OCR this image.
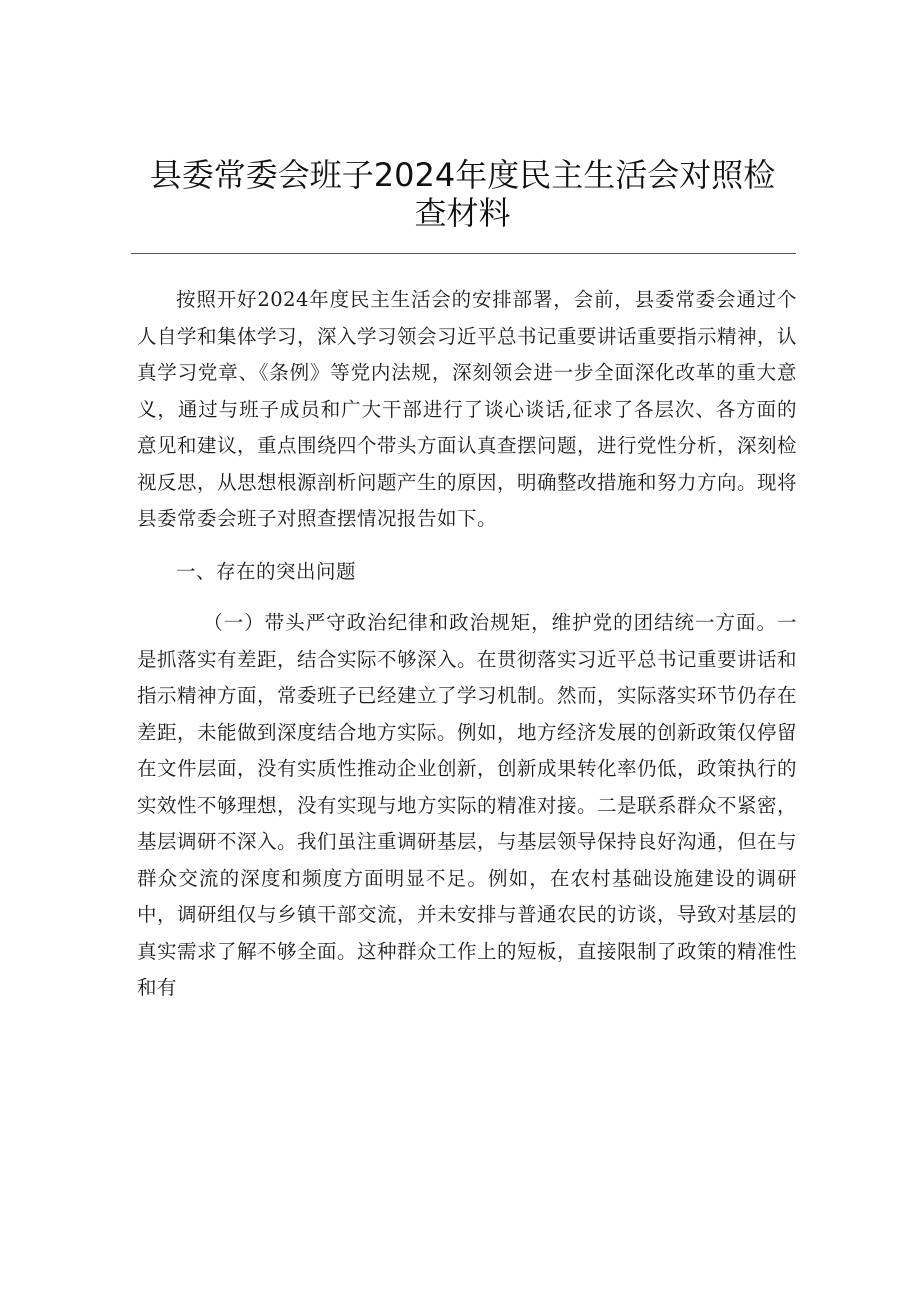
县委常委会班子2024年度民主生活会对照检
查材料

按照开好2024年度民主生活会的安排部署，会前，县委常委会通过个人自学和集体学习，深入学习领会习近平总书记重要讲话重要指示精神，认真学习党章、《条例》等党内法规，深刻领会进一步全面深化改革的重大意义，通过与班子成员和广大干部进行了谈心谈话,征求了各层次、各方面的意见和建议，重点围绕四个带头方面认真查摆问题，进行党性分析，深刻检视反思，从思想根源剖析问题产生的原因，明确整改措施和努力方向。现将县委常委会班子对照查摆情况报告如下。

一、存在的突出问题

（一）带头严守政治纪律和政治规矩，维护党的团结统一方面。一是抓落实有差距，结合实际不够深入。在贯彻落实习近平总书记重要讲话和指示精神方面，常委班子已经建立了学习机制。然而，实际落实环节仍存在差距，未能做到深度结合地方实际。例如，地方经济发展的创新政策仅停留在文件层面，没有实质性推动企业创新，创新成果转化率仍低，政策执行的实效性不够理想，没有实现与地方实际的精准对接。二是联系群众不紧密，基层调研不深入。我们虽注重调研基层，与基层领导保持良好沟通，但在与群众交流的深度和频度方面明显不足。例如，在农村基础设施建设的调研中，调研组仅与乡镇干部交流，并未安排与普通农民的访谈，导致对基层的真实需求了解不够全面。这种群众工作上的短板，直接限制了政策的精准性和有
